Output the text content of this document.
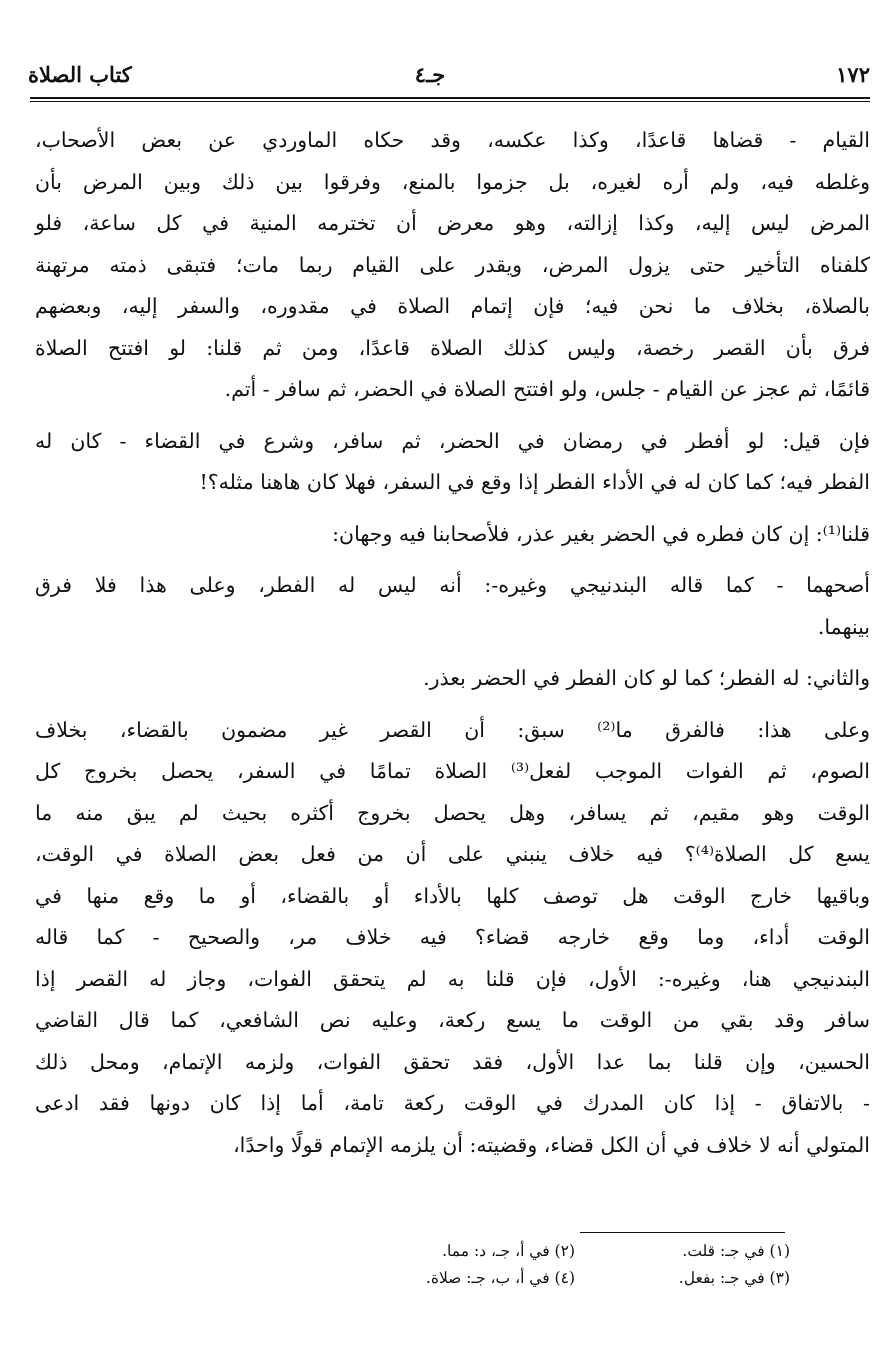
١٧٢
جـ٤
كتاب الصلاة
القيام - قضاها قاعدًا، وكذا عكسه، وقد حكاه الماوردي عن بعض الأصحاب،
وغلطه فيه، ولم أره لغيره، بل جزموا بالمنع، وفرقوا بين ذلك وبين المرض بأن
المرض ليس إليه، وكذا إزالته، وهو معرض أن تخترمه المنية في كل ساعة، فلو
كلفناه التأخير حتى يزول المرض، ويقدر على القيام ربما مات؛ فتبقى ذمته مرتهنة
بالصلاة، بخلاف ما نحن فيه؛ فإن إتمام الصلاة في مقدوره، والسفر إليه، وبعضهم
فرق بأن القصر رخصة، وليس كذلك الصلاة قاعدًا، ومن ثم قلنا: لو افتتح الصلاة
قائمًا، ثم عجز عن القيام - جلس، ولو افتتح الصلاة في الحضر، ثم سافر - أتم.
فإن قيل: لو أفطر في رمضان في الحضر، ثم سافر، وشرع في القضاء - كان له
الفطر فيه؛ كما كان له في الأداء الفطر إذا وقع في السفر، فهلا كان هاهنا مثله؟!
قلنا⁽¹⁾: إن كان فطره في الحضر بغير عذر، فلأصحابنا فيه وجهان:
أصحهما - كما قاله البندنيجي وغيره-: أنه ليس له الفطر، وعلى هذا فلا فرق
بينهما.
والثاني: له الفطر؛ كما لو كان الفطر في الحضر بعذر.
وعلى هذا: فالفرق ما⁽²⁾ سبق: أن القصر غير مضمون بالقضاء، بخلاف
الصوم، ثم الفوات الموجب لفعل⁽³⁾ الصلاة تمامًا في السفر، يحصل بخروج كل
الوقت وهو مقيم، ثم يسافر، وهل يحصل بخروج أكثره بحيث لم يبق منه ما
يسع كل الصلاة⁽⁴⁾؟ فيه خلاف ينبني على أن من فعل بعض الصلاة في الوقت،
وباقيها خارج الوقت هل توصف كلها بالأداء أو بالقضاء، أو ما وقع منها في
الوقت أداء، وما وقع خارجه قضاء؟ فيه خلاف مر، والصحيح - كما قاله
البندنيجي هنا، وغيره-: الأول، فإن قلنا به لم يتحقق الفوات، وجاز له القصر إذا
سافر وقد بقي من الوقت ما يسع ركعة، وعليه نص الشافعي، كما قال القاضي
الحسين، وإن قلنا بما عدا الأول، فقد تحقق الفوات، ولزمه الإتمام، ومحل ذلك
- بالاتفاق - إذا كان المدرك في الوقت ركعة تامة، أما إذا كان دونها فقد ادعى
المتولي أنه لا خلاف في أن الكل قضاء، وقضيته: أن يلزمه الإتمام قولًا واحدًا،
(١) في جـ: قلت.
(٢) في أ، جـ، د: مما.
(٣) في جـ: بفعل.
(٤) في أ، ب، جـ: صلاة.
